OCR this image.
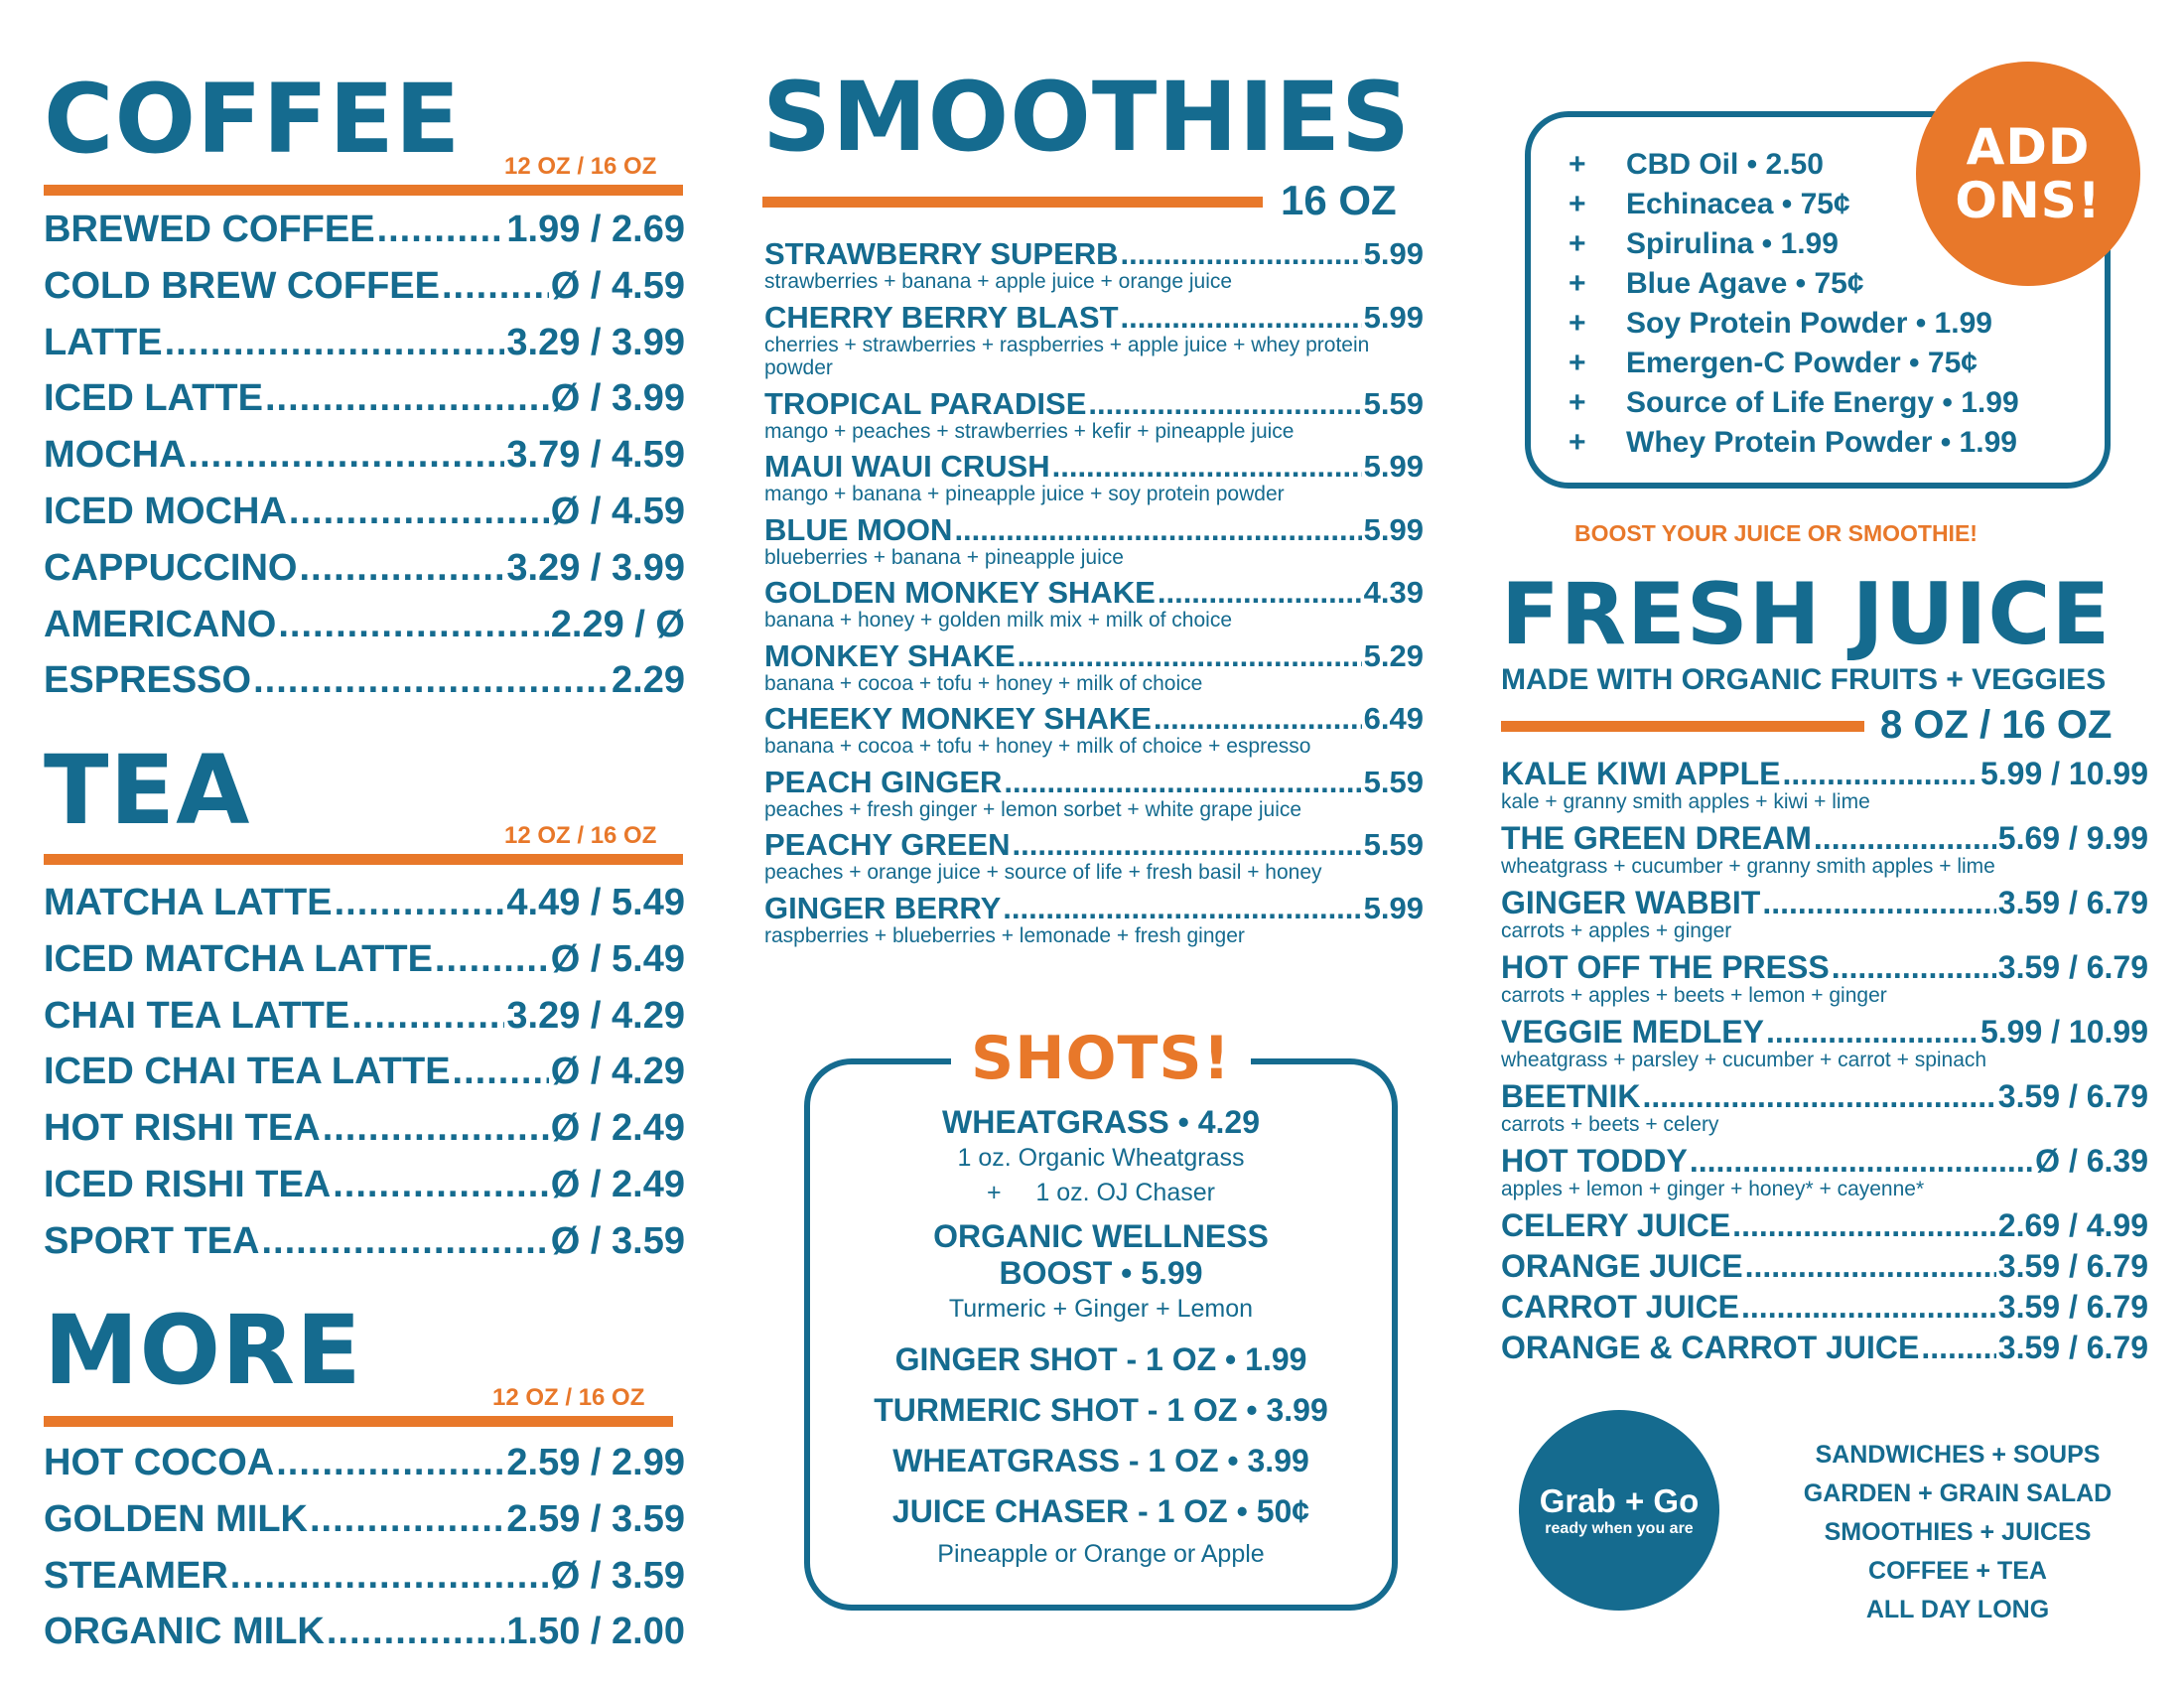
COFFEE 12 OZ / 16 OZ
BREWED COFFEE .....	1.99 / 2.69
COLD BREW COFFEE .....	Ø / 4.59
LATTE .....	3.29 / 3.99
ICED LATTE .....	Ø / 3.99
MOCHA .....	3.79 / 4.59
ICED MOCHA .....	Ø / 4.59
CAPPUCCINO .....	3.29 / 3.99
AMERICANO .....	2.29 / Ø
ESPRESSO .....	2.29
TEA	12 OZ / 16 OZ
MATCHA LATTE .....	4.49 / 5.49
ICED MATCHA LATTE .....	Ø / 5.49
CHAI TEA LATTE .....	3.29 / 4.29
ICED CHAI TEA LATTE .....	Ø / 4.29
HOT RISHI TEA .....	Ø / 2.49
ICED RISHI TEA .....	Ø / 2.49
SPORT TEA .....	Ø / 3.59
MORE	12 OZ / 16 OZ
HOT COCOA .....	2.59 / 2.99
GOLDEN MILK .....	2.59 / 3.59
STEAMER .....	Ø / 3.59
ORGANIC MILK .....	1.50 / 2.00
SMOOTHIES
16 OZ
STRAWBERRY SUPERB .....	5.99
strawberries + banana + apple juice + orange juice
CHERRY BERRY BLAST .....	5.99
cherries + strawberries + raspberries + apple juice + whey protein powder
TROPICAL PARADISE .....	5.59
mango + peaches + strawberries + kefir + pineapple juice
MAUI WAUI CRUSH .....	5.99
mango + banana + pineapple juice + soy protein powder
BLUE MOON .....	5.99
blueberries + banana + pineapple juice
GOLDEN MONKEY SHAKE .....	4.39
banana + honey + golden milk mix + milk of choice
MONKEY SHAKE .....	5.29
banana + cocoa + tofu + honey + milk of choice
CHEEKY MONKEY SHAKE .....	6.49
banana + cocoa + tofu + honey + milk of choice + espresso
PEACH GINGER .....	5.59
peaches + fresh ginger + lemon sorbet + white grape juice
PEACHY GREEN .....	5.59
peaches + orange juice + source of life + fresh basil + honey
GINGER BERRY .....	5.99
raspberries + blueberries + lemonade + fresh ginger
SHOTS!
WHEATGRASS • 4.29
1 oz. Organic Wheatgrass
+     1 oz. OJ Chaser
ORGANIC WELLNESS
BOOST • 5.99
Turmeric + Ginger + Lemon
GINGER SHOT - 1 OZ • 1.99
TURMERIC SHOT - 1 OZ • 3.99
WHEATGRASS - 1 OZ • 3.99
JUICE CHASER - 1 OZ • 50¢
Pineapple or Orange or Apple
+	CBD Oil • 2.50
+	Echinacea • 75¢
+	Spirulina • 1.99
+	Blue Agave • 75¢
+	Soy Protein Powder • 1.99
+	Emergen-C Powder • 75¢
+	Source of Life Energy • 1.99
+	Whey Protein Powder • 1.99
ADD
ONS!
BOOST YOUR JUICE OR SMOOTHIE!
FRESH JUICE
MADE WITH ORGANIC FRUITS + VEGGIES
8 OZ / 16 OZ
KALE KIWI APPLE .....	5.99 / 10.99
kale + granny smith apples + kiwi + lime
THE GREEN DREAM .....	5.69 / 9.99
wheatgrass + cucumber + granny smith apples + lime
GINGER WABBIT .....	3.59 / 6.79
carrots + apples + ginger
HOT OFF THE PRESS .....	3.59 / 6.79
carrots + apples + beets + lemon + ginger
VEGGIE MEDLEY .....	5.99 / 10.99
wheatgrass + parsley + cucumber + carrot + spinach
BEETNIK .....	3.59 / 6.79
carrots + beets + celery
HOT TODDY .....	Ø / 6.39
apples + lemon + ginger + honey* + cayenne*
CELERY JUICE .....	2.69 / 4.99
ORANGE JUICE .....	3.59 / 6.79
CARROT JUICE .....	3.59 / 6.79
ORANGE & CARROT JUICE ..... 3.59 / 6.79
Grab + Go
ready when you are
SANDWICHES + SOUPS
GARDEN + GRAIN SALAD
SMOOTHIES + JUICES
COFFEE + TEA
ALL DAY LONG
